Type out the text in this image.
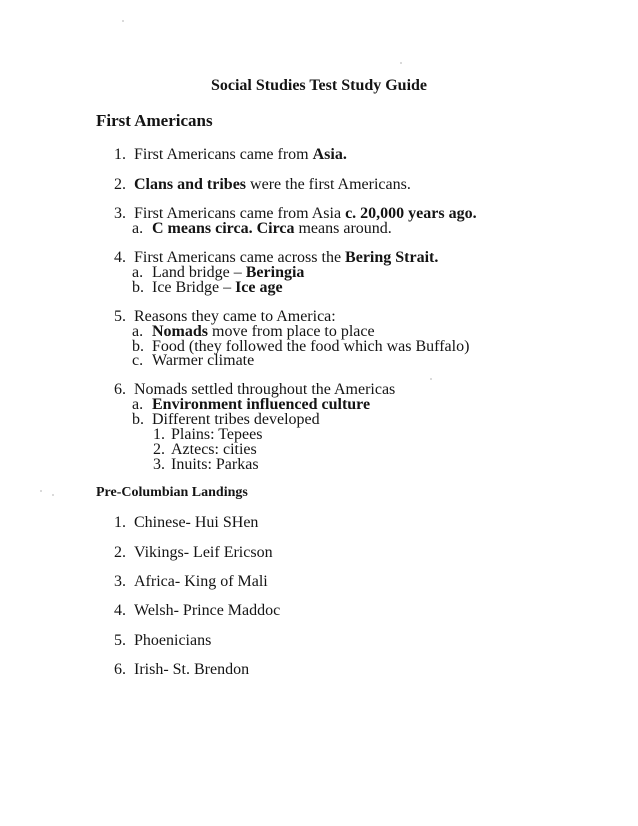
Social Studies Test Study Guide
First Americans
1. First Americans came from Asia.
2. Clans and tribes were the first Americans.
3. First Americans came from Asia c. 20,000 years ago.
a. C means circa. Circa means around.
4. First Americans came across the Bering Strait.
a. Land bridge – Beringia
b. Ice Bridge – Ice age
5. Reasons they came to America:
a. Nomads move from place to place
b. Food (they followed the food which was Buffalo)
c. Warmer climate
6. Nomads settled throughout the Americas
a. Environment influenced culture
b. Different tribes developed
1. Plains: Tepees
2. Aztecs: cities
3. Inuits: Parkas
Pre-Columbian Landings
1. Chinese- Hui SHen
2. Vikings- Leif Ericson
3. Africa- King of Mali
4. Welsh- Prince Maddoc
5. Phoenicians
6. Irish- St. Brendon
